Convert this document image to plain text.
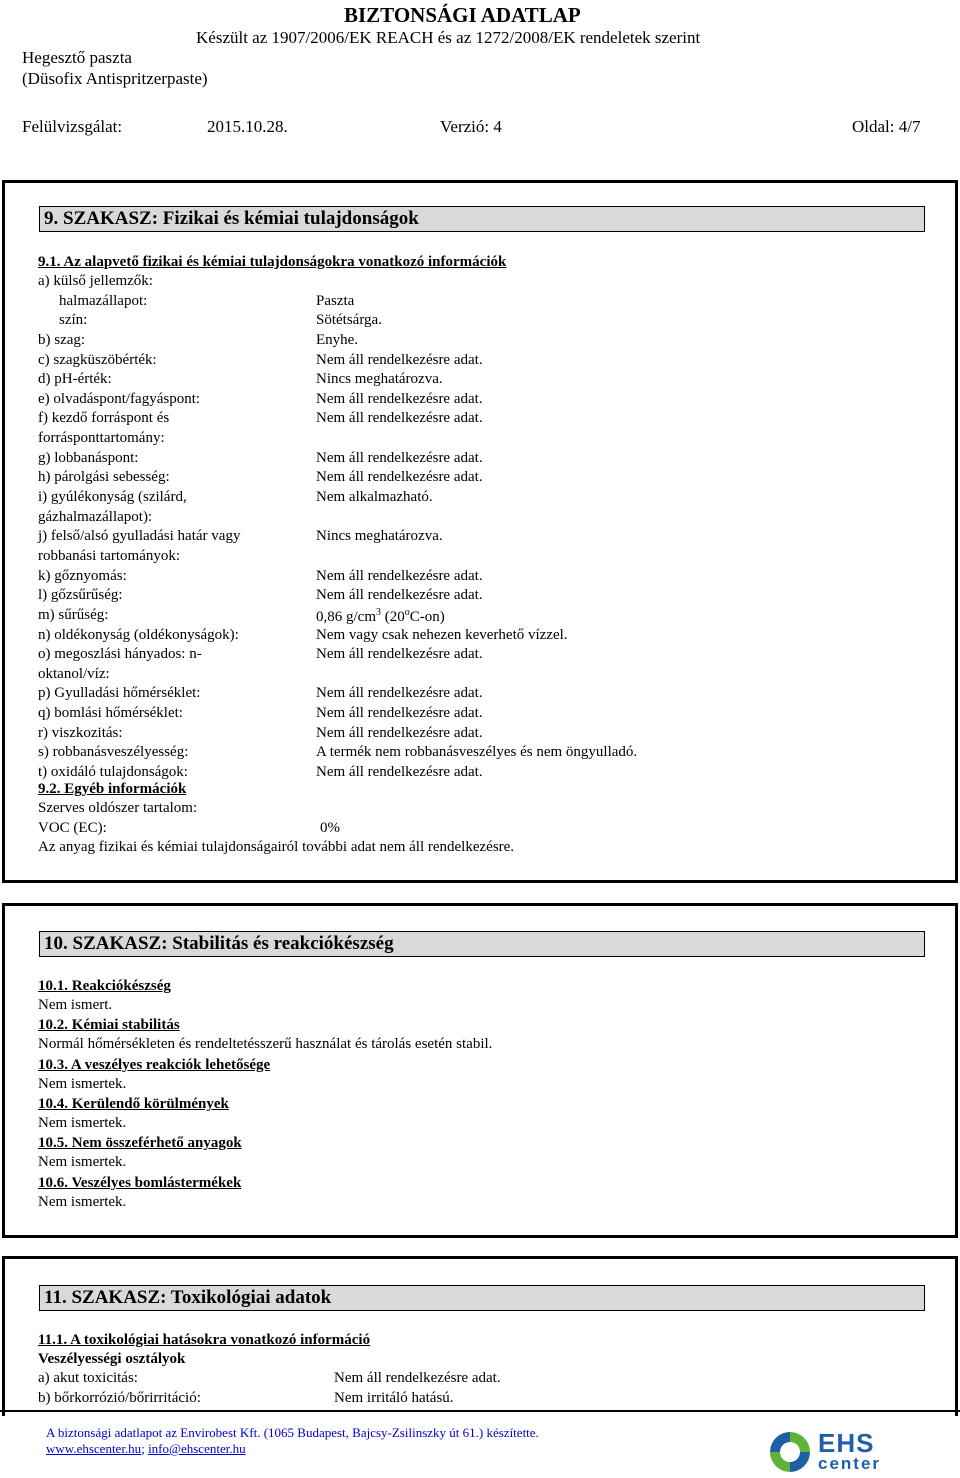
BIZTONSÁGI ADATLAP
Készült az 1907/2006/EK REACH és az 1272/2008/EK rendeletek szerint
Hegesztő paszta
(Düsofix Antispritzerpaste)
Felülvizsgálat:	2015.10.28.	Verzió: 4	Oldal: 4/7
9. SZAKASZ: Fizikai és kémiai tulajdonságok
9.1. Az alapvető fizikai és kémiai tulajdonságokra vonatkozó információk
a) külső jellemzők:
halmazállapot:	Paszta
szín:	Sötétsárga.
b) szag:	Enyhe.
c) szagküszöbérték:	Nem áll rendelkezésre adat.
d) pH-érték:	Nincs meghatározva.
e) olvadáspont/fagyáspont:	Nem áll rendelkezésre adat.
f) kezdő forráspont és	Nem áll rendelkezésre adat.
forrásponttartomány:
g) lobbanáspont:	Nem áll rendelkezésre adat.
h) párolgási sebesség:	Nem áll rendelkezésre adat.
i) gyúlékonyság (szilárd,	Nem alkalmazható.
gázhalmazállapot):
j) felső/alsó gyulladási határ vagy	Nincs meghatározva.
robbanási tartományok:
k) gőznyomás:	Nem áll rendelkezésre adat.
l) gőzsűrűség:	Nem áll rendelkezésre adat.
m) sűrűség:	0,86 $g/cm^3$ (20$^o$C-on)
n) oldékonyság (oldékonyságok):	Nem vagy csak nehezen keverhető vízzel.
o) megoszlási hányados: n-	Nem áll rendelkezésre adat.
oktanol/víz:
p) Gyulladási hőmérséklet:	Nem áll rendelkezésre adat.
q) bomlási hőmérséklet:	Nem áll rendelkezésre adat.
r) viszkozitás:	Nem áll rendelkezésre adat.
s) robbanásveszélyesség:	A termék nem robbanásveszélyes és nem öngyulladó.
t) oxidáló tulajdonságok:	Nem áll rendelkezésre adat.
9.2. Egyéb információk
Szerves oldószer tartalom:
VOC (EC):	0%
Az anyag fizikai és kémiai tulajdonságairól további adat nem áll rendelkezésre.
10. SZAKASZ: Stabilitás és reakciókészség
10.1. Reakciókészség
Nem ismert.
10.2. Kémiai stabilitás
Normál hőmérsékleten és rendeltetésszerű használat és tárolás esetén stabil.
10.3. A veszélyes reakciók lehetősége
Nem ismertek.
10.4. Kerülendő körülmények
Nem ismertek.
10.5. Nem összeférhető anyagok
Nem ismertek.
10.6. Veszélyes bomlástermékek
Nem ismertek.
11. SZAKASZ: Toxikológiai adatok
11.1. A toxikológiai hatásokra vonatkozó információ
Veszélyességi osztályok
a) akut toxicitás:	Nem áll rendelkezésre adat.
b) bőrkorrózió/bőrirritáció:	Nem irritáló hatású.
A biztonsági adatlapot az Envirobest Kft. (1065 Budapest, Bajcsy-Zsilinszky út 61.) készítette.
www.ehscenter.hu; info@ehscenter.hu	EHS
center
